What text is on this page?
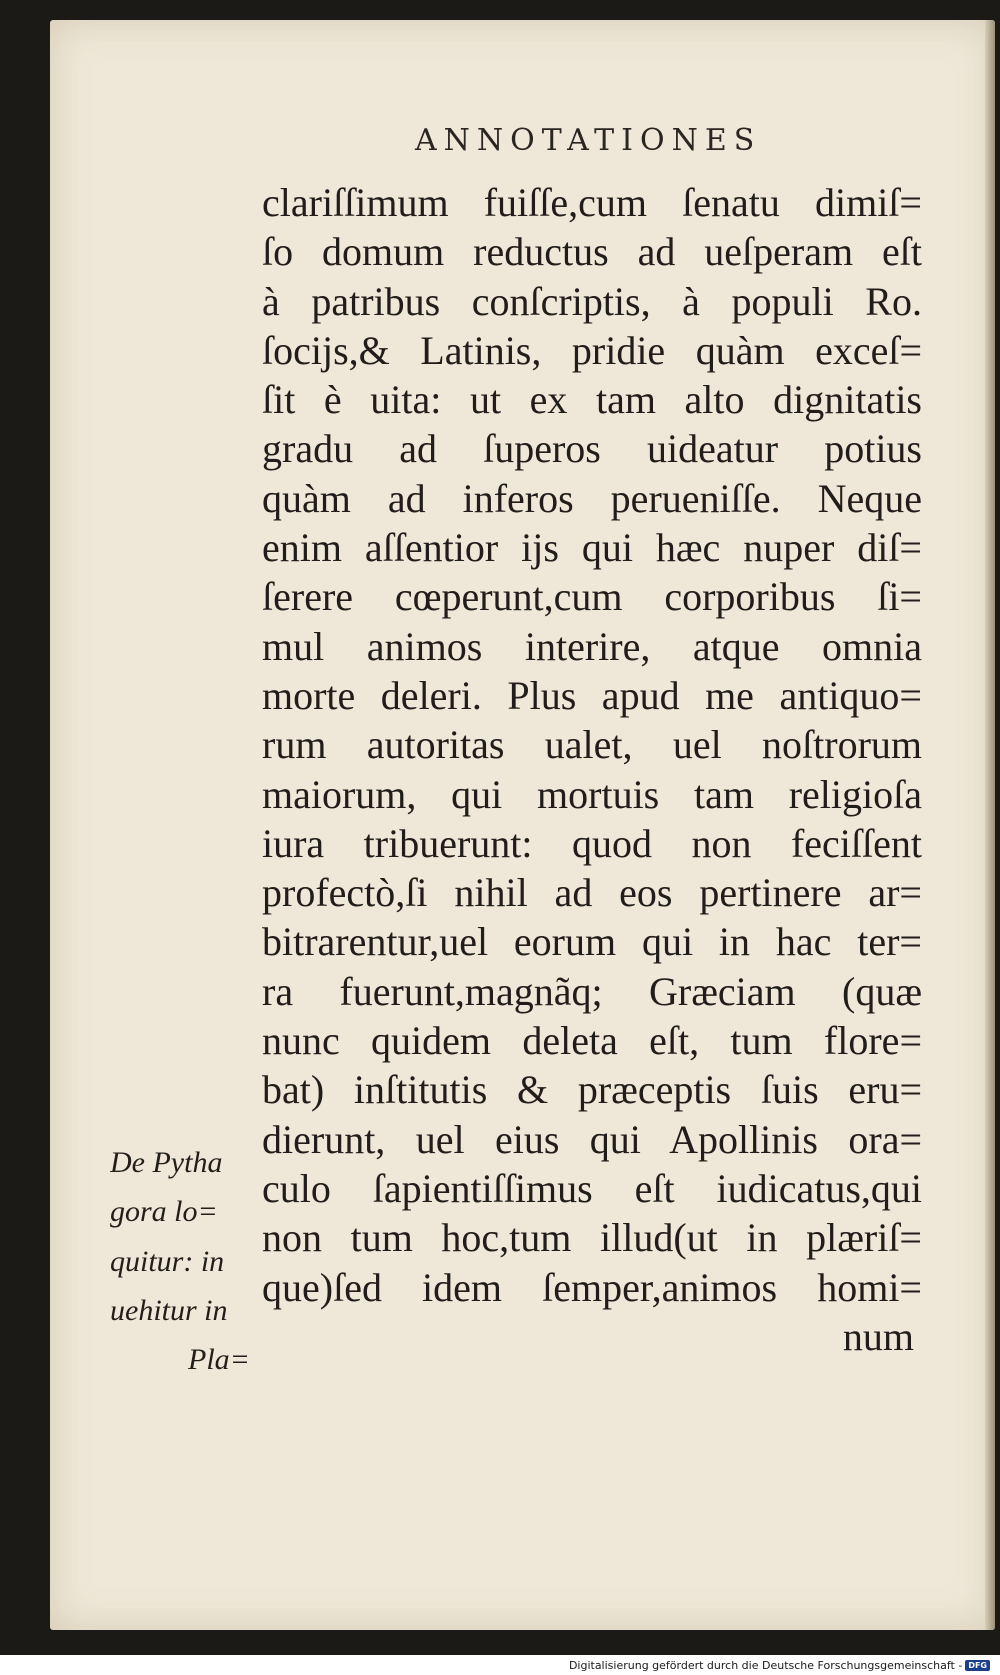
ANNOTATIONES
clariſſimum fuiſſe,cum ſenatu dimiſ=
ſo domum reductus ad ueſperam eſt
à patribus conſcriptis, à populi Ro.
ſocijs,& Latinis, pridie quàm exceſ=
ſit è uita: ut ex tam alto dignitatis
gradu ad ſuperos uideatur potius
quàm ad inferos perueniſſe. Neque
enim aſſentior ijs qui hæc nuper diſ=
ſerere cœperunt,cum corporibus ſi=
mul animos interire, atque omnia
morte deleri. Plus apud me antiquo=
rum autoritas ualet, uel noſtrorum
maiorum, qui mortuis tam religioſa
iura tribuerunt: quod non feciſſent
profectò,ſi nihil ad eos pertinere ar=
bitrarentur,uel eorum qui in hac ter=
ra fuerunt,magnãq; Græciam (quæ
nunc quidem deleta eſt, tum flore=
bat) inſtitutis & præceptis ſuis eru=
dierunt, uel eius qui Apollinis ora=
culo ſapientiſſimus eſt iudicatus,qui
non tum hoc,tum illud(ut in plæriſ=
que)ſed idem ſemper,animos homi=
num
De Pytha
gora lo=
quitur: in
uehitur in
Pla=
Digitalisierung gefördert durch die Deutsche Forschungsgemeinschaft - DFG
